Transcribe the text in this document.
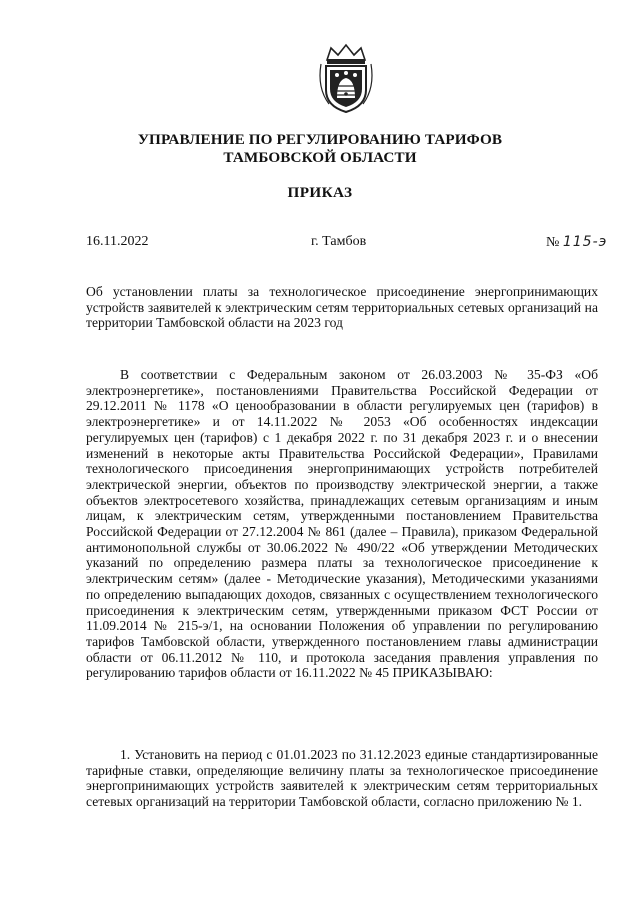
УПРАВЛЕНИЕ ПО РЕГУЛИРОВАНИЮ ТАРИФОВ
ТАМБОВСКОЙ ОБЛАСТИ
ПРИКАЗ
16.11.2022	г. Тамбов	№ 115-э
Об установлении платы за технологическое присоединение энергопринимающих устройств заявителей к электрическим сетям территориальных сетевых организаций на территории Тамбовской области на 2023 год
В соответствии с Федеральным законом от 26.03.2003 № 35-ФЗ «Об электроэнергетике», постановлениями Правительства Российской Федерации от 29.12.2011 № 1178 «О ценообразовании в области регулируемых цен (тарифов) в электроэнергетике» и от 14.11.2022 № 2053 «Об особенностях индексации регулируемых цен (тарифов) с 1 декабря 2022 г. по 31 декабря 2023 г. и о внесении изменений в некоторые акты Правительства Российской Федерации», Правилами технологического присоединения энергопринимающих устройств потребителей электрической энергии, объектов по производству электрической энергии, а также объектов электросетевого хозяйства, принадлежащих сетевым организациям и иным лицам, к электрическим сетям, утвержденными постановлением Правительства Российской Федерации от 27.12.2004 № 861 (далее – Правила), приказом Федеральной антимонопольной службы от 30.06.2022 № 490/22 «Об утверждении Методических указаний по определению размера платы за технологическое присоединение к электрическим сетям» (далее - Методические указания), Методическими указаниями по определению выпадающих доходов, связанных с осуществлением технологического присоединения к электрическим сетям, утвержденными приказом ФСТ России от 11.09.2014 № 215-э/1, на основании Положения об управлении по регулированию тарифов Тамбовской области, утвержденного постановлением главы администрации области от 06.11.2012 № 110, и протокола заседания правления управления по регулированию тарифов области от 16.11.2022 № 45 ПРИКАЗЫВАЮ:
1. Установить на период с 01.01.2023 по 31.12.2023 единые стандартизированные тарифные ставки, определяющие величину платы за технологическое присоединение энергопринимающих устройств заявителей к электрическим сетям территориальных сетевых организаций на территории Тамбовской области, согласно приложению № 1.
